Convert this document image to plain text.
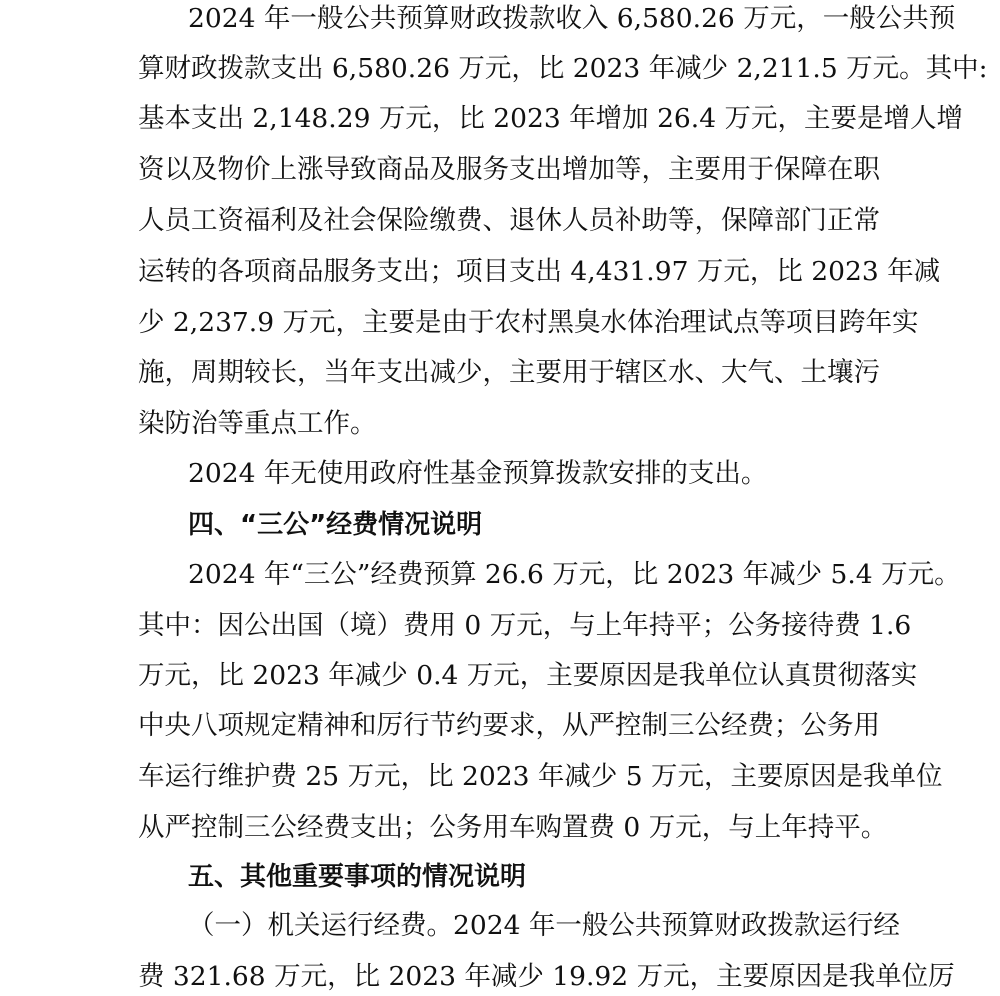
2024 年一般公共预算财政拨款收入 6,580.26 万元，一般公共预
算财政拨款支出 6,580.26 万元，比 2023 年减少 2,211.5 万元。其中:
基本支出 2,148.29 万元，比 2023 年增加 26.4 万元，主要是增人增
资以及物价上涨导致商品及服务支出增加等，主要用于保障在职
人员工资福利及社会保险缴费、退休人员补助等，保障部门正常
运转的各项商品服务支出；项目支出 4,431.97 万元，比 2023 年减
少 2,237.9 万元，主要是由于农村黑臭水体治理试点等项目跨年实
施，周期较长，当年支出减少，主要用于辖区水、大气、土壤污
染防治等重点工作。
2024 年无使用政府性基金预算拨款安排的支出。
四、“三公”经费情况说明
2024 年“三公”经费预算 26.6 万元，比 2023 年减少 5.4 万元。
其中：因公出国（境）费用 0 万元，与上年持平；公务接待费 1.6
万元，比 2023 年减少 0.4 万元，主要原因是我单位认真贯彻落实
中央八项规定精神和厉行节约要求，从严控制三公经费；公务用
车运行维护费 25 万元，比 2023 年减少 5 万元，主要原因是我单位
从严控制三公经费支出；公务用车购置费 0 万元，与上年持平。
五、其他重要事项的情况说明
（一）机关运行经费。2024 年一般公共预算财政拨款运行经
费 321.68 万元，比 2023 年减少 19.92 万元，主要原因是我单位厉
